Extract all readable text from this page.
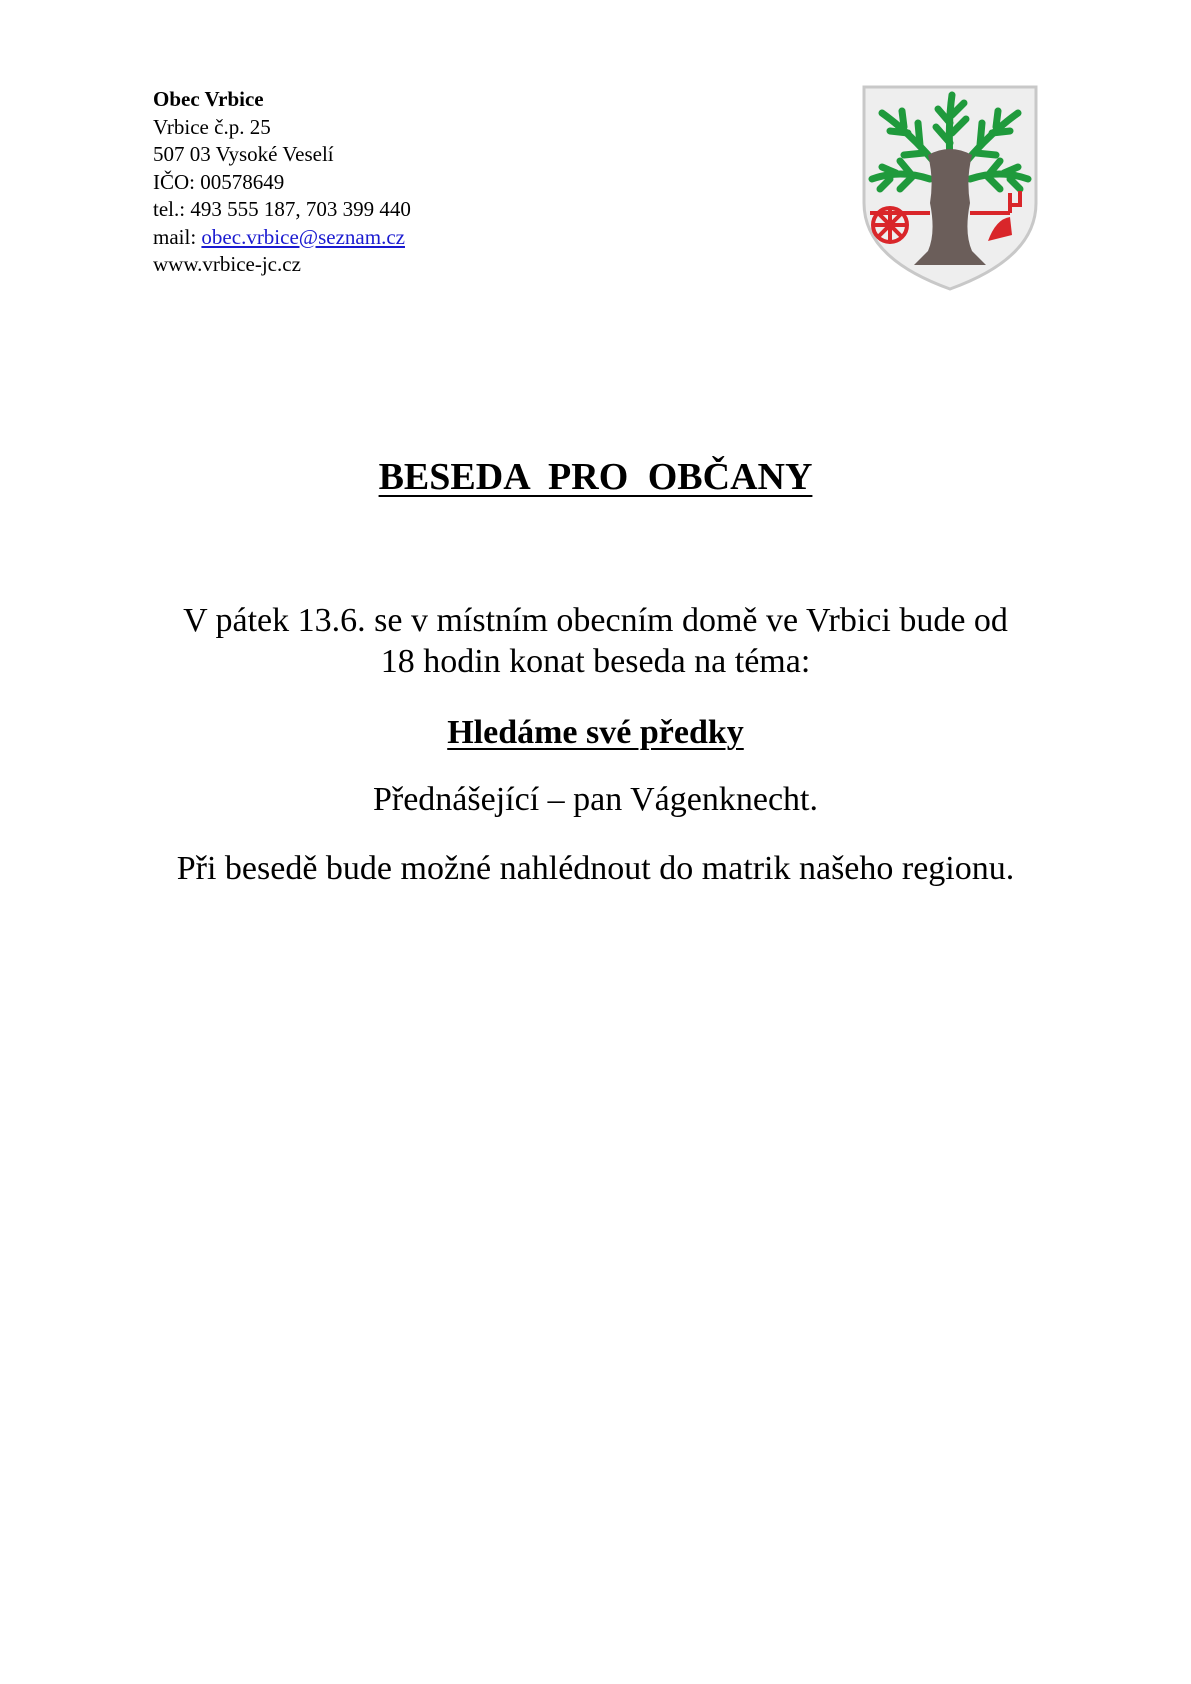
Obec Vrbice
Vrbice č.p. 25
507 03 Vysoké Veselí
IČO: 00578649
tel.: 493 555 187, 703 399 440
mail: obec.vrbice@seznam.cz
www.vrbice-jc.cz
BESEDA PRO OBČANY
V pátek 13.6. se v místním obecním domě ve Vrbici bude od
18 hodin konat beseda na téma:
Hledáme své předky
Přednášející – pan Vágenknecht.
Při besedě bude možné nahlédnout do matrik našeho regionu.
